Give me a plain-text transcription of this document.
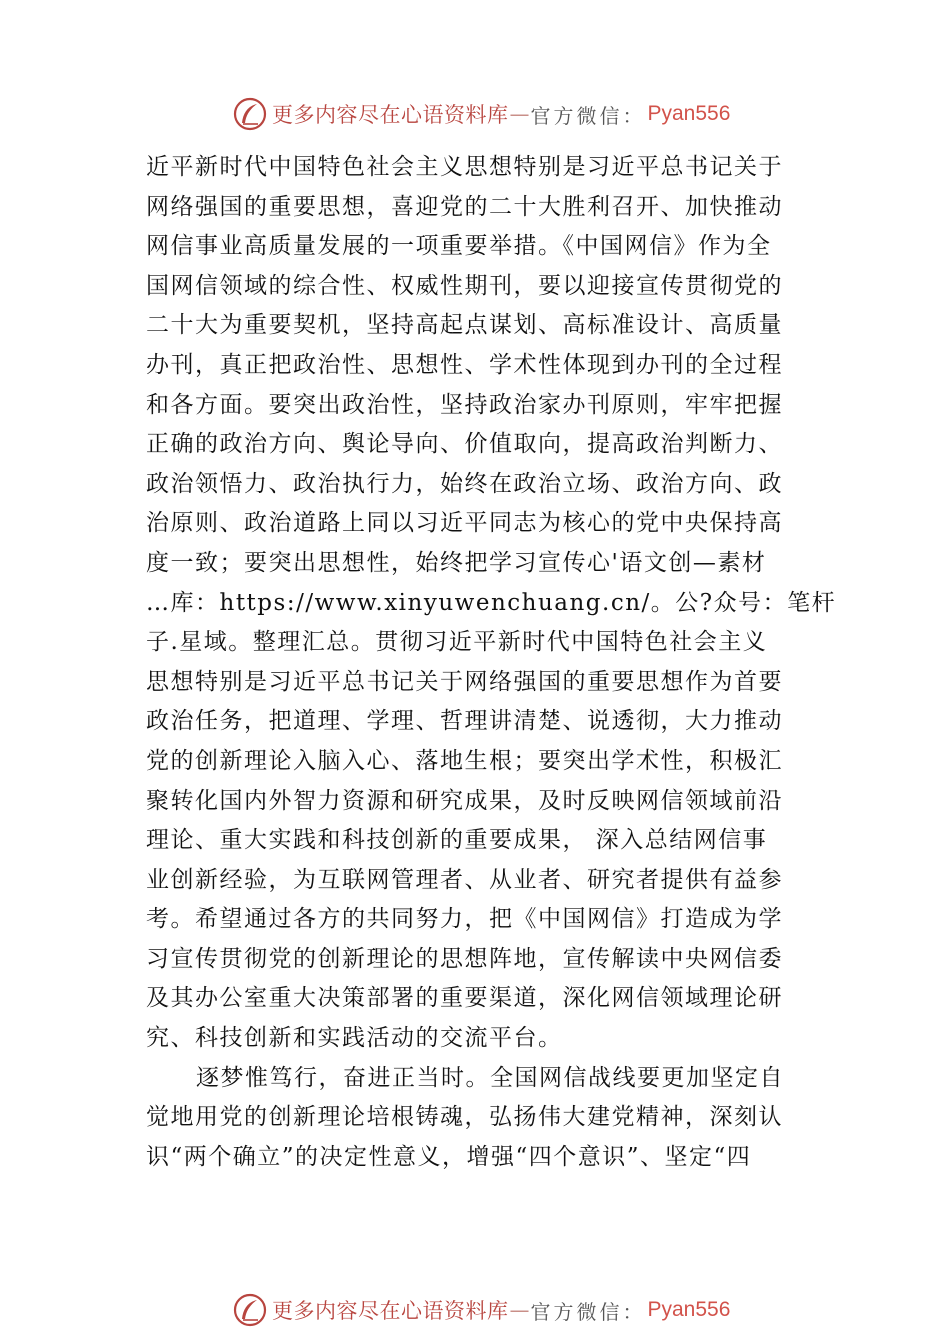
更多内容尽在心语资料库 — 官方微信： Pyan556
近平新时代中国特色社会主义思想特别是习近平总书记关于
网络强国的重要思想，喜迎党的二十大胜利召开、加快推动
网信事业高质量发展的一项重要举措。《中国网信》作为全
国网信领域的综合性、权威性期刊，要以迎接宣传贯彻党的
二十大为重要契机，坚持高起点谋划、高标准设计、高质量
办刊，真正把政治性、思想性、学术性体现到办刊的全过程
和各方面。要突出政治性，坚持政治家办刊原则，牢牢把握
正确的政治方向、舆论导向、价值取向，提高政治判断力、
政治领悟力、政治执行力，始终在政治立场、政治方向、政
治原则、政治道路上同以习近平同志为核心的党中央保持高
度一致；要突出思想性，始终把学习宣传心'语文创—素材
…库：https://www.xinyuwenchuang.cn/。公?众号：笔杆
子.星域。整理汇总。贯彻习近平新时代中国特色社会主义
思想特别是习近平总书记关于网络强国的重要思想作为首要
政治任务，把道理、学理、哲理讲清楚、说透彻，大力推动
党的创新理论入脑入心、落地生根；要突出学术性，积极汇
聚转化国内外智力资源和研究成果，及时反映网信领域前沿
理论、重大实践和科技创新的重要成果， 深入总结网信事
业创新经验，为互联网管理者、从业者、研究者提供有益参
考。希望通过各方的共同努力，把《中国网信》打造成为学
习宣传贯彻党的创新理论的思想阵地，宣传解读中央网信委
及其办公室重大决策部署的重要渠道，深化网信领域理论研
究、科技创新和实践活动的交流平台。
逐梦惟笃行，奋进正当时。全国网信战线要更加坚定自
觉地用党的创新理论培根铸魂，弘扬伟大建党精神，深刻认
识“两个确立”的决定性意义，增强“四个意识”、坚定“四
更多内容尽在心语资料库 — 官方微信： Pyan556
